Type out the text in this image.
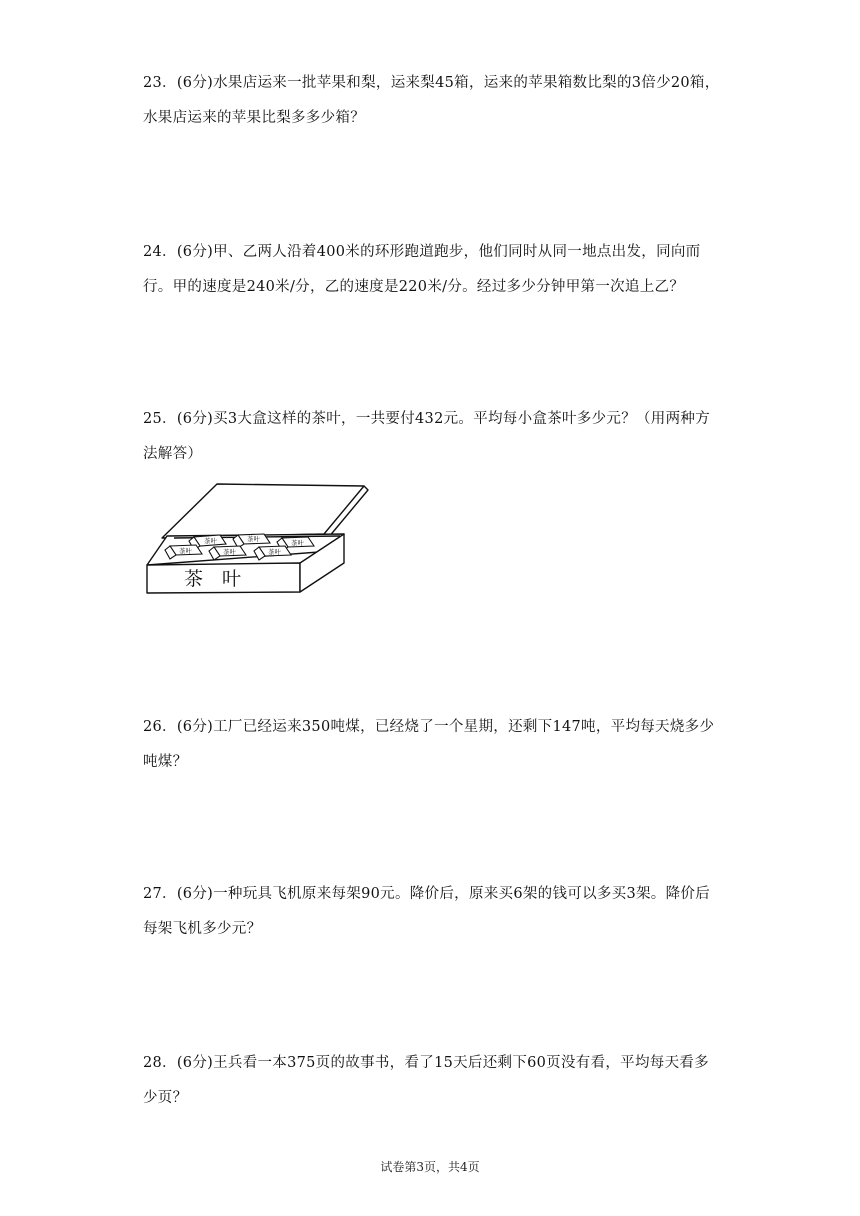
23．(6分)水果店运来一批苹果和梨，运来梨45箱，运来的苹果箱数比梨的3倍少20箱，水果店运来的苹果比梨多多少箱？

24．(6分)甲、乙两人沿着400米的环形跑道跑步，他们同时从同一地点出发，同向而行。甲的速度是240米/分，乙的速度是220米/分。经过多少分钟甲第一次追上乙？

25．(6分)买3大盒这样的茶叶，一共要付432元。平均每小盒茶叶多少元？（用两种方法解答）

茶叶	茶叶	茶叶
茶叶	茶叶	茶叶
茶　叶

26．(6分)工厂已经运来350吨煤，已经烧了一个星期，还剩下147吨，平均每天烧多少吨煤？

27．(6分)一种玩具飞机原来每架90元。降价后，原来买6架的钱可以多买3架。降价后每架飞机多少元？

28．(6分)王兵看一本375页的故事书，看了15天后还剩下60页没有看，平均每天看多少页？

试卷第3页，共4页
